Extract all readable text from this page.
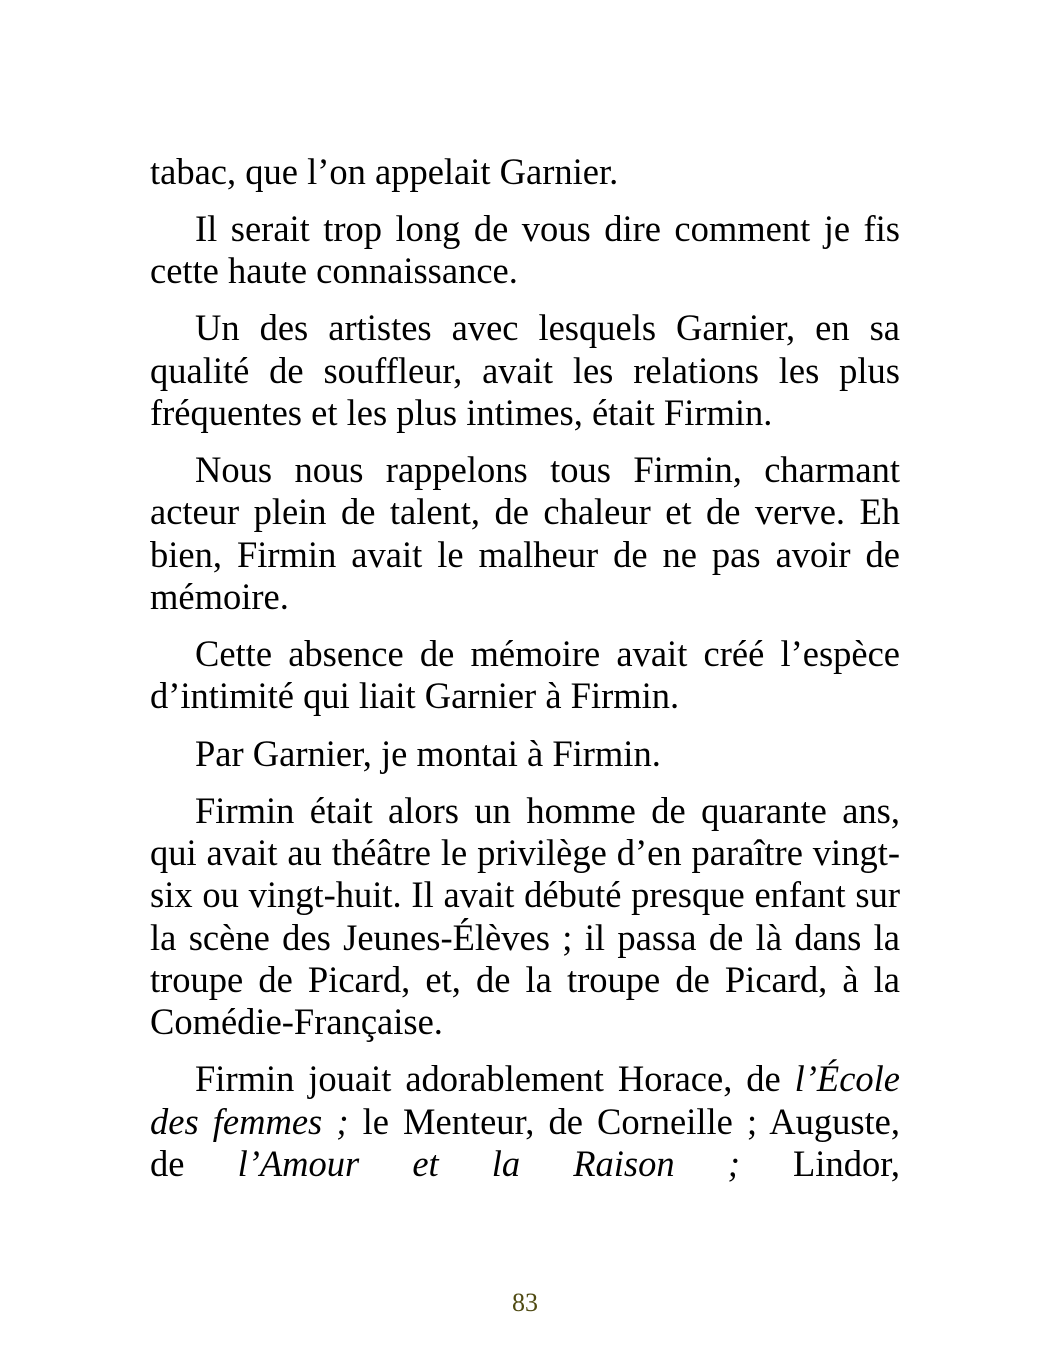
tabac, que l’on appelait Garnier.

Il serait trop long de vous dire comment je fis cette haute connaissance.

Un des artistes avec lesquels Garnier, en sa qualité de souffleur, avait les relations les plus fréquentes et les plus intimes, était Firmin.

Nous nous rappelons tous Firmin, charmant acteur plein de talent, de chaleur et de verve. Eh bien, Firmin avait le malheur de ne pas avoir de mémoire.

Cette absence de mémoire avait créé l’espèce d’intimité qui liait Garnier à Firmin.

Par Garnier, je montai à Firmin.

Firmin était alors un homme de quarante ans, qui avait au théâtre le privilège d’en paraître vingt-six ou vingt-huit. Il avait débuté presque enfant sur la scène des Jeunes-Élèves ; il passa de là dans la troupe de Picard, et, de la troupe de Picard, à la Comédie-Française.

Firmin jouait adorablement Horace, de l’École des femmes ; le Menteur, de Corneille ; Auguste, de l’Amour et la Raison ; Lindor,

83
